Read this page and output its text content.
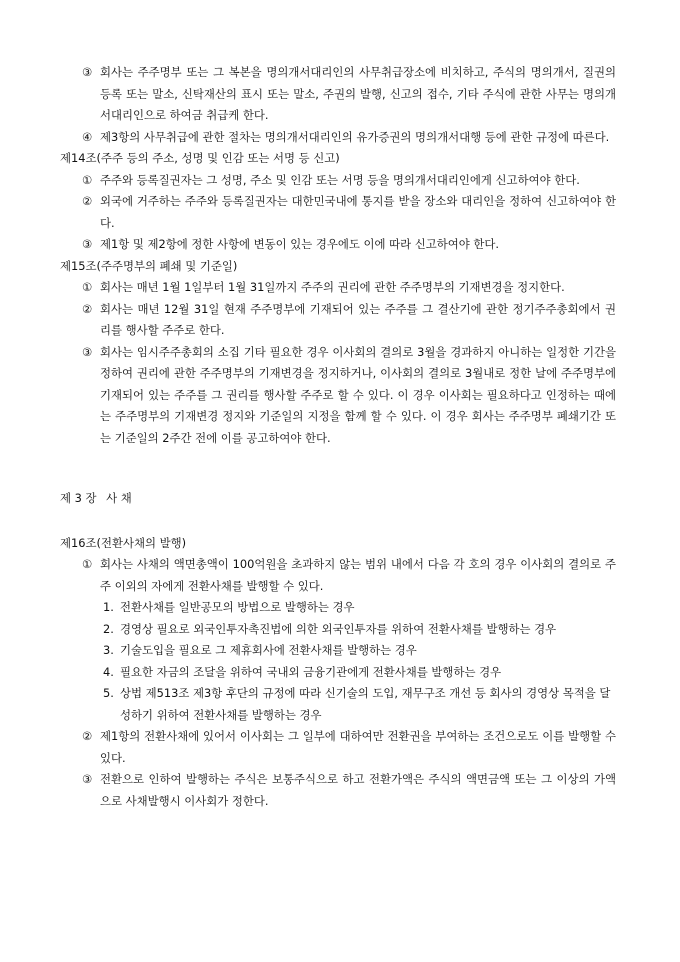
③ 회사는 주주명부 또는 그 복본을 명의개서대리인의 사무취급장소에 비치하고, 주식의 명의개서, 질권의 등록 또는 말소, 신탁재산의 표시 또는 말소, 주권의 발행, 신고의 접수, 기타 주식에 관한 사무는 명의개서대리인으로 하여금 취급케 한다.
④ 제3항의 사무취급에 관한 절차는 명의개서대리인의 유가증권의 명의개서대행 등에 관한 규정에 따른다.
제14조(주주 등의 주소, 성명 및 인감 또는 서명 등 신고)
① 주주와 등록질권자는 그 성명, 주소 및 인감 또는 서명 등을 명의개서대리인에게 신고하여야 한다.
② 외국에 거주하는 주주와 등록질권자는 대한민국내에 통지를 받을 장소와 대리인을 정하여 신고하여야 한다.
③ 제1항 및 제2항에 정한 사항에 변동이 있는 경우에도 이에 따라 신고하여야 한다.
제15조(주주명부의 폐쇄 및 기준일)
① 회사는 매년 1월 1일부터 1월 31일까지 주주의 권리에 관한 주주명부의 기재변경을 정지한다.
② 회사는 매년 12월 31일 현재 주주명부에 기재되어 있는 주주를 그 결산기에 관한 정기주주총회에서 권리를 행사할 주주로 한다.
③ 회사는 임시주주총회의 소집 기타 필요한 경우 이사회의 결의로 3월을 경과하지 아니하는 일정한 기간을 정하여 권리에 관한 주주명부의 기재변경을 정지하거나, 이사회의 결의로 3월내로 정한 날에 주주명부에 기재되어 있는 주주를 그 권리를 행사할 주주로 할 수 있다. 이 경우 이사회는 필요하다고 인정하는 때에는 주주명부의 기재변경 정지와 기준일의 지정을 함께 할 수 있다. 이 경우 회사는 주주명부 폐쇄기간 또는 기준일의 2주간 전에 이를 공고하여야 한다.
제 3 장 사 채
제16조(전환사채의 발행)
① 회사는 사채의 액면총액이 100억원을 초과하지 않는 범위 내에서 다음 각 호의 경우 이사회의 결의로 주주 이외의 자에게 전환사채를 발행할 수 있다.
1. 전환사채를 일반공모의 방법으로 발행하는 경우
2. 경영상 필요로 외국인투자촉진법에 의한 외국인투자를 위하여 전환사채를 발행하는 경우
3. 기술도입을 필요로 그 제휴회사에 전환사채를 발행하는 경우
4. 필요한 자금의 조달을 위하여 국내외 금융기관에게 전환사채를 발행하는 경우
5. 상법 제513조 제3항 후단의 규정에 따라 신기술의 도입, 재무구조 개선 등 회사의 경영상 목적을 달성하기 위하여 전환사채를 발행하는 경우
② 제1항의 전환사채에 있어서 이사회는 그 일부에 대하여만 전환권을 부여하는 조건으로도 이를 발행할 수 있다.
③ 전환으로 인하여 발행하는 주식은 보통주식으로 하고 전환가액은 주식의 액면금액 또는 그 이상의 가액으로 사채발행시 이사회가 정한다.
